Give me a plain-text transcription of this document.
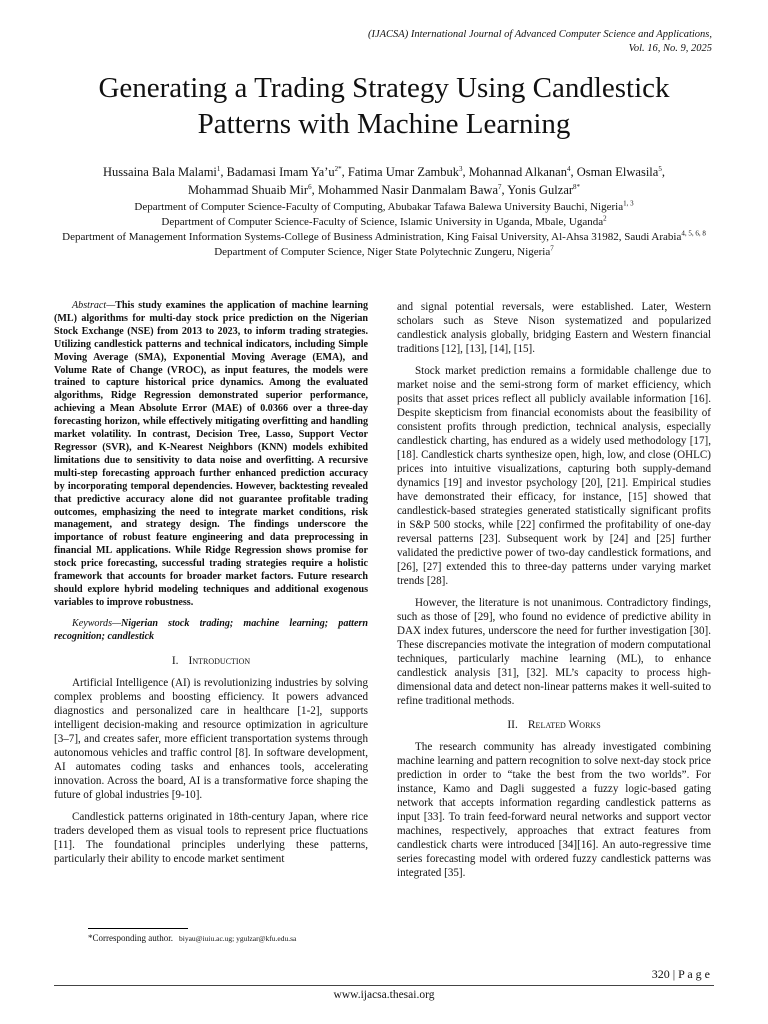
(IJACSA) International Journal of Advanced Computer Science and Applications,
Vol. 16, No. 9, 2025
Generating a Trading Strategy Using Candlestick
Patterns with Machine Learning
Hussaina Bala Malami$^1$, Badamasi Imam $Ya’u^{2*}$, Fatima Umar Zambuk$^3$, Mohannad Alkanan$^4$, Osman Elwasila$^5$,
Mohammad Shuaib Mir$^6$, Mohammed Nasir Danmalam Bawa$^7$, Yonis Gulzar$^{8*}$
Department of Computer Science-Faculty of Computing, Abubakar Tafawa Balewa University Bauchi, Nigeria$^{1, 3}$
Department of Computer Science-Faculty of Science, Islamic University in Uganda, Mbale, Uganda$^2$
Department of Management Information Systems-College of Business Administration, King Faisal University, Al-Ahsa 31982, Saudi Arabia$^{4, 5, 6, 8}$
Department of Computer Science, Niger State Polytechnic Zungeru, Nigeria$^7$

Abstract—This study examines the application of machine learning (ML) algorithms for multi-day stock price prediction on the Nigerian Stock Exchange (NSE) from 2013 to 2023, to inform trading strategies. Utilizing candlestick patterns and technical indicators, including Simple Moving Average (SMA), Exponential Moving Average (EMA), and Volume Rate of Change (VROC), as input features, the models were trained to capture historical price dynamics. Among the evaluated algorithms, Ridge Regression demonstrated superior performance, achieving a Mean Absolute Error (MAE) of 0.0366 over a three-day forecasting horizon, while effectively mitigating overfitting and handling market volatility. In contrast, Decision Tree, Lasso, Support Vector Regressor (SVR), and K-Nearest Neighbors (KNN) models exhibited limitations due to sensitivity to data noise and overfitting. A recursive multi-step forecasting approach further enhanced prediction accuracy by incorporating temporal dependencies. However, backtesting revealed that predictive accuracy alone did not guarantee profitable trading outcomes, emphasizing the need to integrate market conditions, risk management, and strategy design. The findings underscore the importance of robust feature engineering and data preprocessing in financial ML applications. While Ridge Regression shows promise for stock price forecasting, successful trading strategies require a holistic framework that accounts for broader market factors. Future research should explore hybrid modeling techniques and additional exogenous variables to improve robustness.

Keywords—Nigerian stock trading; machine learning; pattern recognition; candlestick

I. Introduction

Artificial Intelligence (AI) is revolutionizing industries by solving complex problems and boosting efficiency. It powers advanced diagnostics and personalized care in healthcare [1-2], supports intelligent decision-making and resource optimization in agriculture [3–7], and creates safer, more efficient transportation systems through autonomous vehicles and traffic control [8]. In software development, AI automates coding tasks and enhances tools, accelerating innovation. Across the board, AI is a transformative force shaping the future of global industries [9-10].

Candlestick patterns originated in 18th-century Japan, where rice traders developed them as visual tools to represent price fluctuations [11]. The foundational principles underlying these patterns, particularly their ability to encode market sentiment

and signal potential reversals, were established. Later, Western scholars such as Steve Nison systematized and popularized candlestick analysis globally, bridging Eastern and Western financial traditions [12], [13], [14], [15].

Stock market prediction remains a formidable challenge due to market noise and the semi-strong form of market efficiency, which posits that asset prices reflect all publicly available information [16]. Despite skepticism from financial economists about the feasibility of consistent profits through prediction, technical analysis, especially candlestick charting, has endured as a widely used methodology [17], [18]. Candlestick charts synthesize open, high, low, and close (OHLC) prices into intuitive visualizations, capturing both supply-demand dynamics [19] and investor psychology [20], [21]. Empirical studies have demonstrated their efficacy, for instance, [15] showed that candlestick-based strategies generated statistically significant profits in S&P 500 stocks, while [22] confirmed the profitability of one-day reversal patterns [23]. Subsequent work by [24] and [25] further validated the predictive power of two-day candlestick formations, and [26], [27] extended this to three-day patterns under varying market trends [28].

However, the literature is not unanimous. Contradictory findings, such as those of [29], who found no evidence of predictive ability in DAX index futures, underscore the need for further investigation [30]. These discrepancies motivate the integration of modern computational techniques, particularly machine learning (ML), to enhance candlestick analysis [31], [32]. ML’s capacity to process high-dimensional data and detect non-linear patterns makes it well-suited to refine traditional methods.

II. Related Works

The research community has already investigated combining machine learning and pattern recognition to solve next-day stock price prediction in order to “take the best from the two worlds”. For instance, Kamo and Dagli suggested a fuzzy logic-based gating network that accepts information regarding candlestick patterns as input [33]. To train feed-forward neural networks and support vector machines, respectively, approaches that extract features from candlestick charts were introduced [34][16]. An auto-regressive time series forecasting model with ordered fuzzy candlestick patterns was integrated [35].

*Corresponding author. biyau@iuiu.ac.ug; ygulzar@kfu.edu.sa
320 | P a g e
www.ijacsa.thesai.org
